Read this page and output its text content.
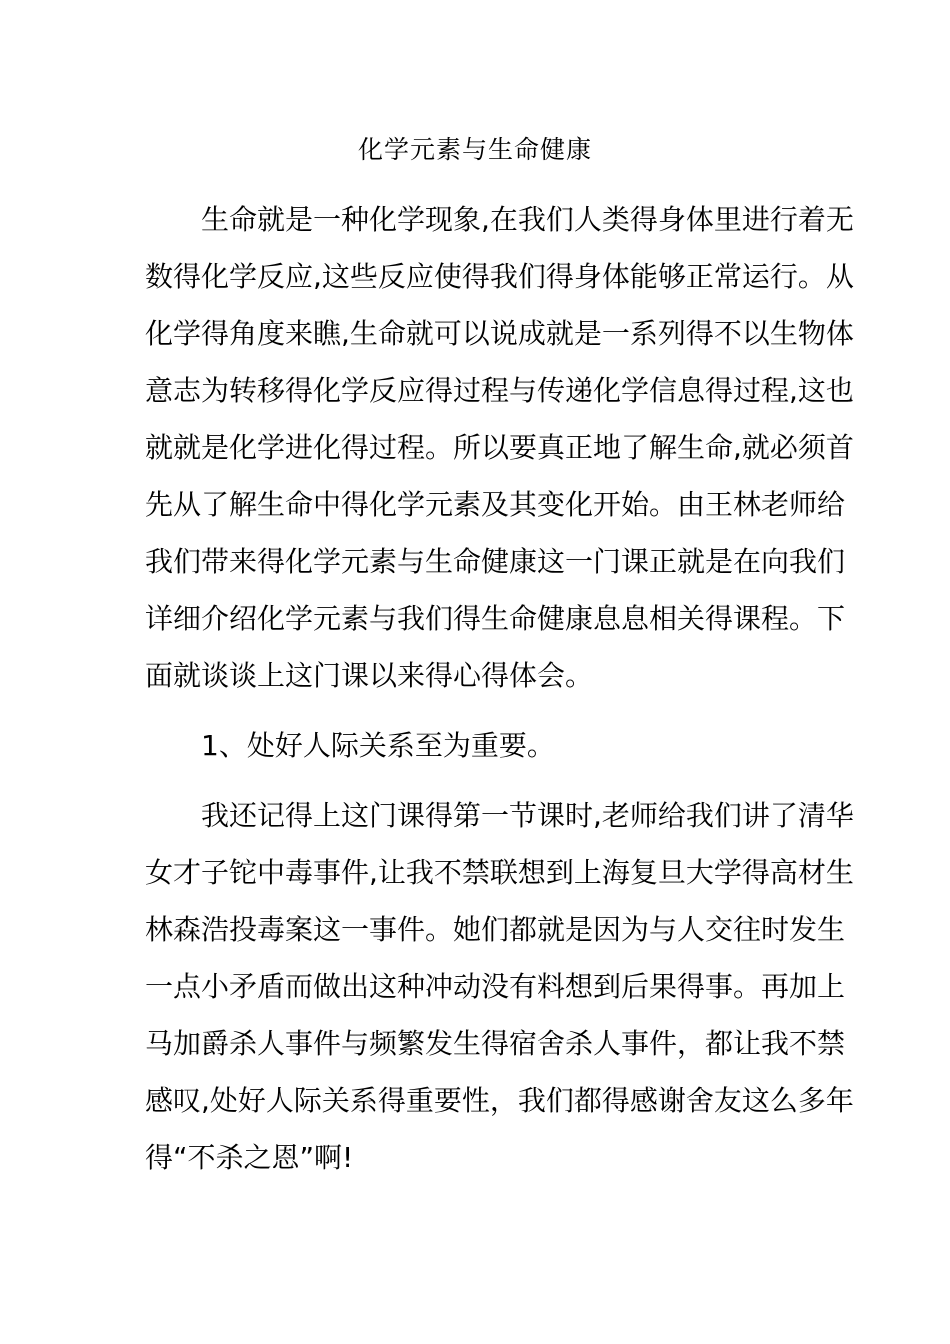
化学元素与生命健康
　　生命就是一种化学现象,在我们人类得身体里进行着无
数得化学反应,这些反应使得我们得身体能够正常运行。从
化学得角度来瞧,生命就可以说成就是一系列得不以生物体
意志为转移得化学反应得过程与传递化学信息得过程,这也
就就是化学进化得过程。所以要真正地了解生命,就必须首
先从了解生命中得化学元素及其变化开始。由王林老师给
我们带来得化学元素与生命健康这一门课正就是在向我们
详细介绍化学元素与我们得生命健康息息相关得课程。下
面就谈谈上这门课以来得心得体会。
　　1、处好人际关系至为重要。
　　我还记得上这门课得第一节课时,老师给我们讲了清华
女才子铊中毒事件,让我不禁联想到上海复旦大学得高材生
林森浩投毒案这一事件。她们都就是因为与人交往时发生
一点小矛盾而做出这种冲动没有料想到后果得事。再加上
马加爵杀人事件与频繁发生得宿舍杀人事件，都让我不禁
感叹,处好人际关系得重要性，我们都得感谢舍友这么多年
得“不杀之恩”啊!
